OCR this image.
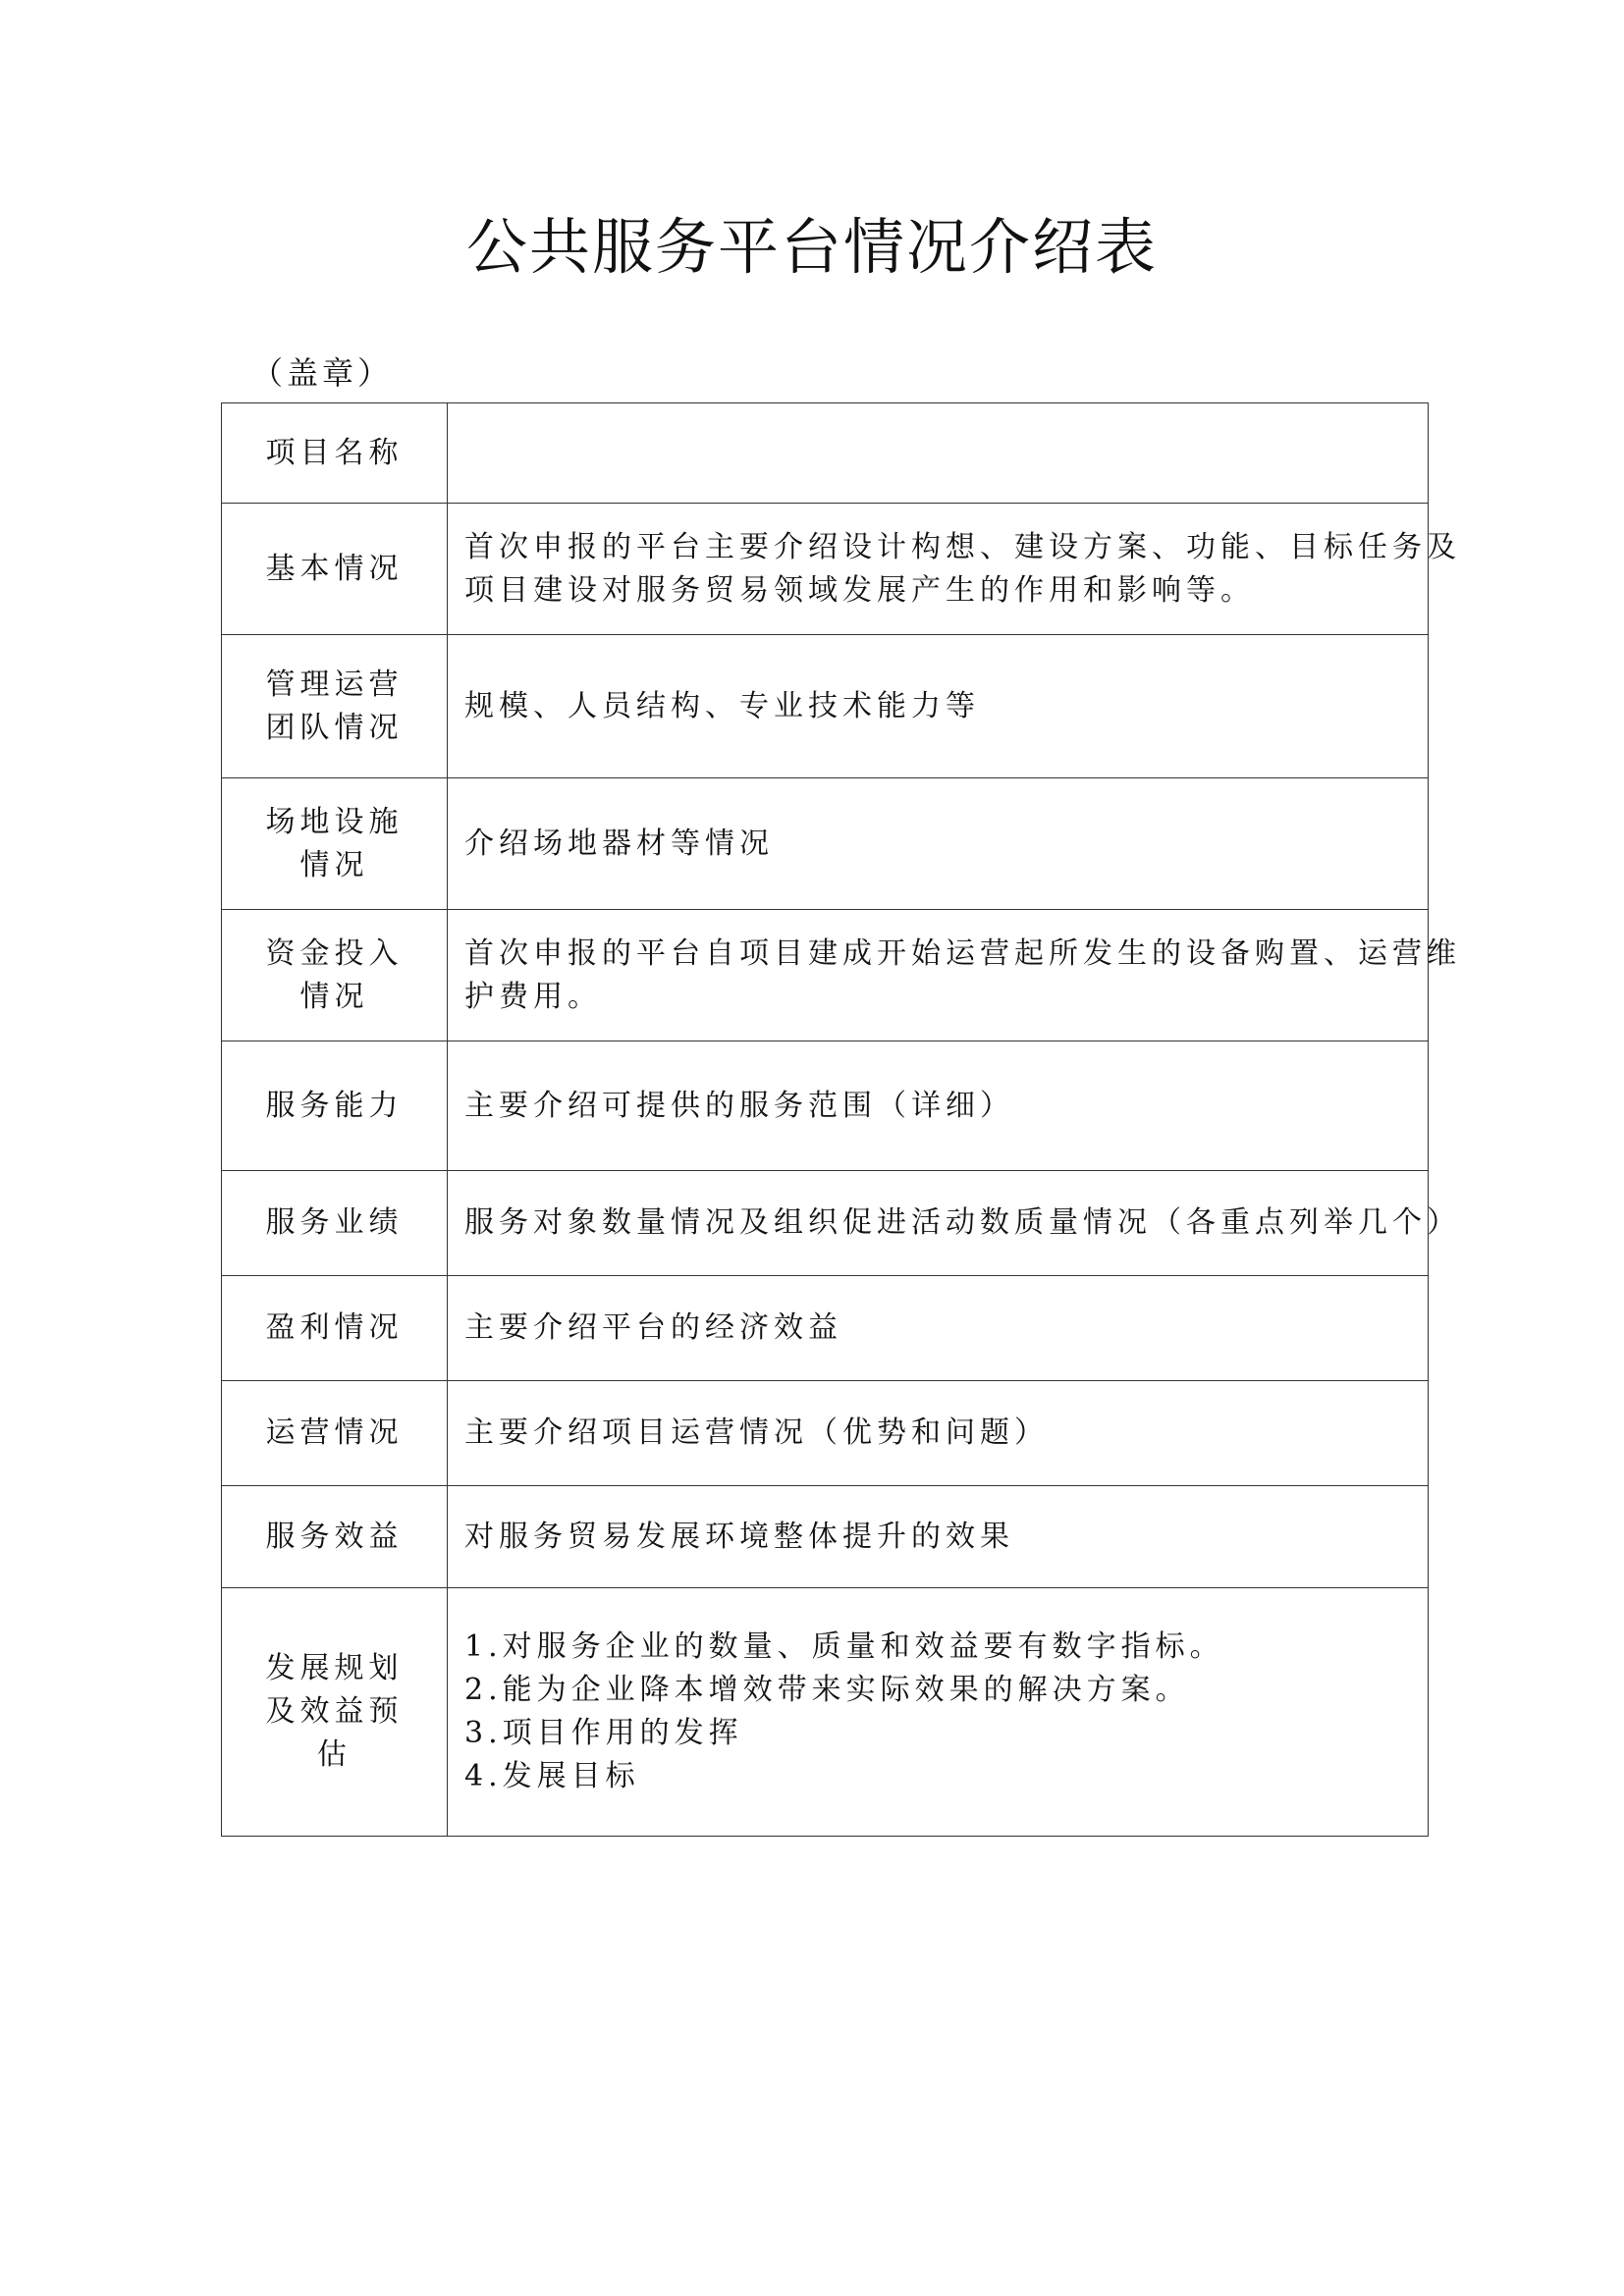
公共服务平台情况介绍表
（盖章）
项目名称	
基本情况	首次申报的平台主要介绍设计构想、建设方案、功能、目标任务及
项目建设对服务贸易领域发展产生的作用和影响等。

管理运营团队情况	规模、人员结构、专业技术能力等

场地设施情况	介绍场地器材等情况

资金投入情况	首次申报的平台自项目建成开始运营起所发生的设备购置、运营维
护费用。

服务能力	主要介绍可提供的服务范围（详细）

服务业绩	服务对象数量情况及组织促进活动数质量情况（各重点列举几个）

盈利情况	主要介绍平台的经济效益

运营情况	主要介绍项目运营情况（优势和问题）

服务效益	对服务贸易发展环境整体提升的效果

发展规划及效益预估	1.对服务企业的数量、质量和效益要有数字指标。
2.能为企业降本增效带来实际效果的解决方案。
3.项目作用的发挥
4.发展目标
